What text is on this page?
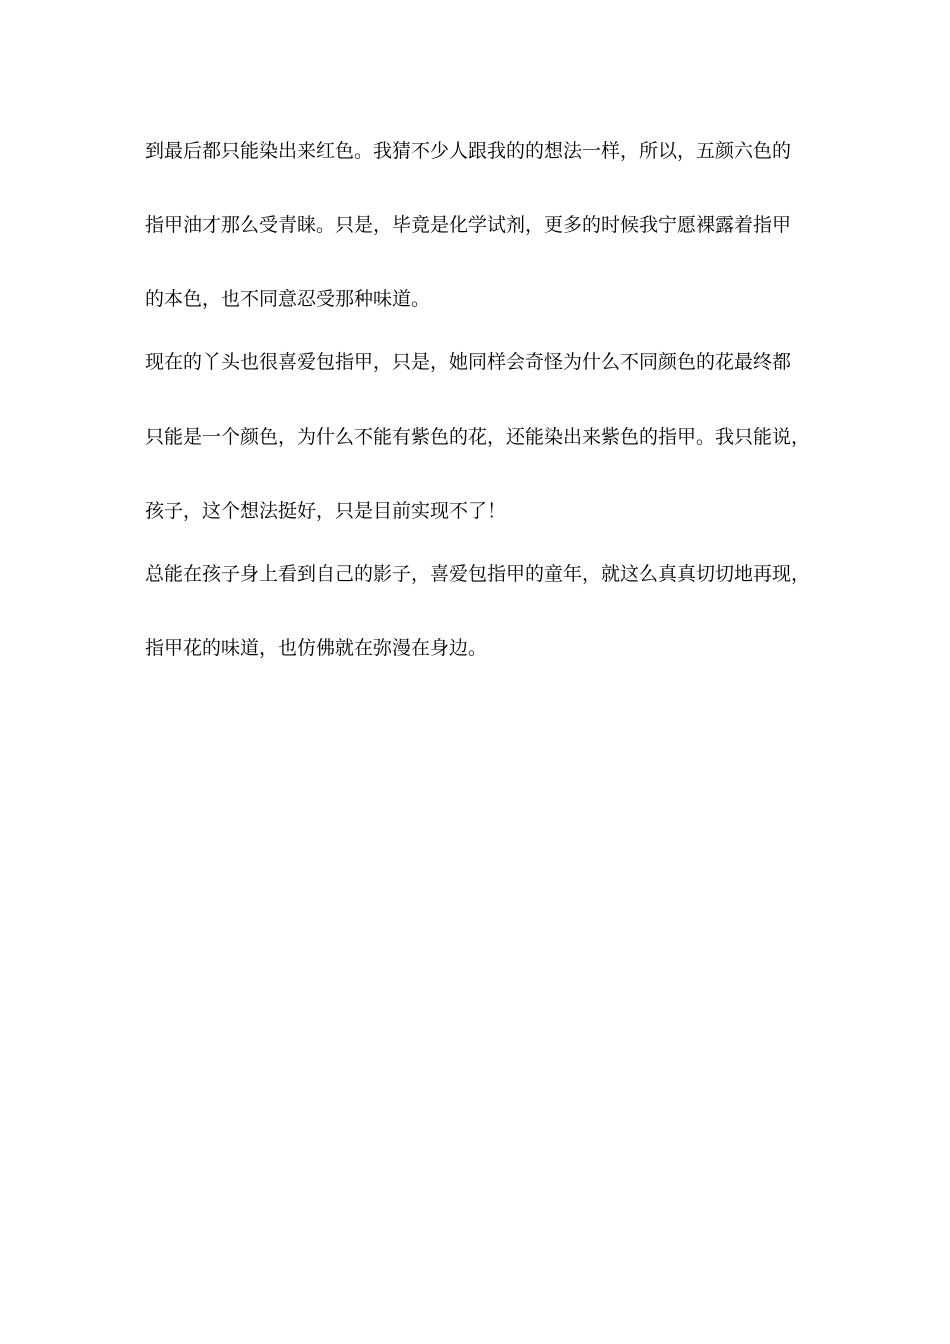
到最后都只能染出来红色。我猜不少人跟我的的想法一样，所以，五颜六色的
指甲油才那么受青睐。只是，毕竟是化学试剂，更多的时候我宁愿裸露着指甲
的本色，也不同意忍受那种味道。
现在的丫头也很喜爱包指甲，只是，她同样会奇怪为什么不同颜色的花最终都
只能是一个颜色，为什么不能有紫色的花，还能染出来紫色的指甲。我只能说，
孩子，这个想法挺好，只是目前实现不了！
总能在孩子身上看到自己的影子，喜爱包指甲的童年，就这么真真切切地再现，
指甲花的味道，也仿佛就在弥漫在身边。
